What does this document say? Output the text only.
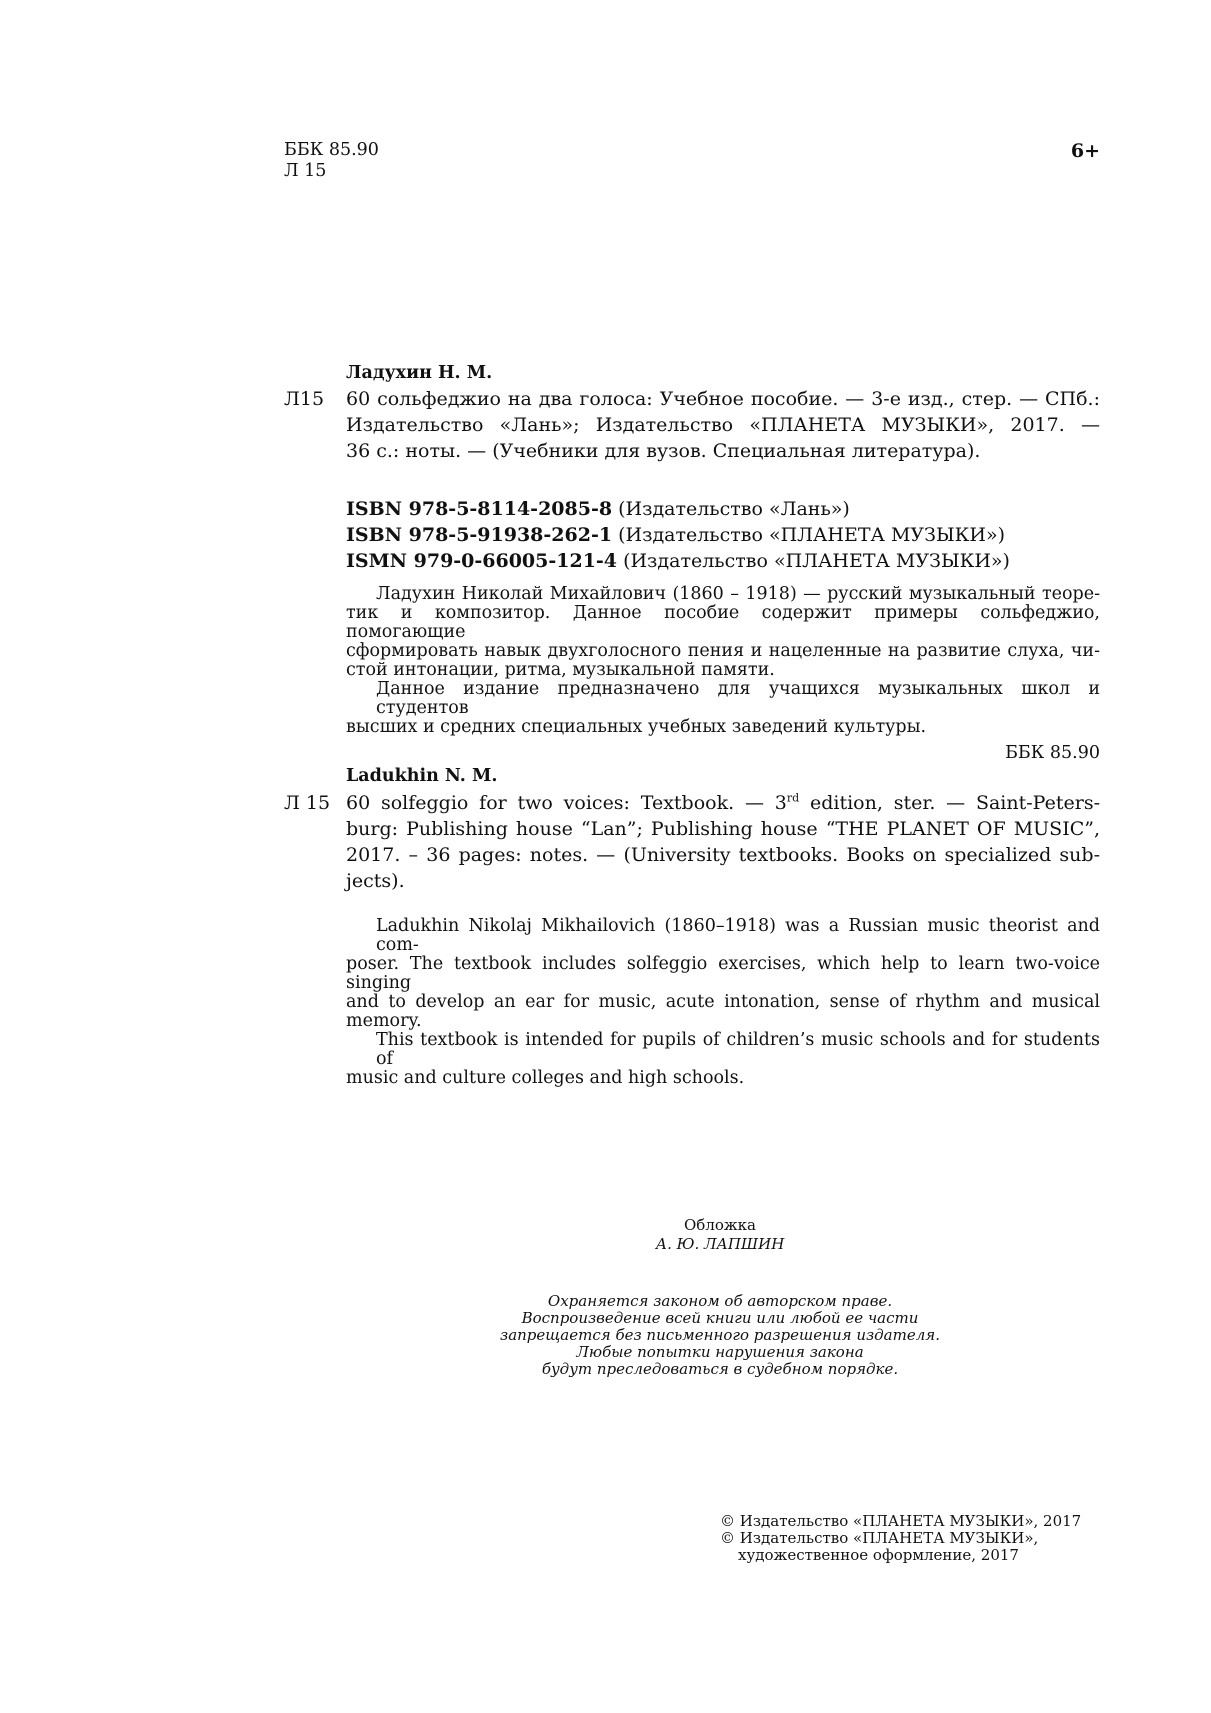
ББК 85.90
Л 15
6+
Ладухин Н. М.
Л15 60 сольфеджио на два голоса: Учебное пособие. — 3-е изд., стер. — СПб.:
Издательство «Лань»; Издательство «ПЛАНЕТА МУЗЫКИ», 2017. —
36 с.: ноты. — (Учебники для вузов. Специальная литература).
ISBN 978-5-8114-2085-8 (Издательство «Лань»)
ISBN 978-5-91938-262-1 (Издательство «ПЛАНЕТА МУЗЫКИ»)
ISMN 979-0-66005-121-4 (Издательство «ПЛАНЕТА МУЗЫКИ»)
Ладухин Николай Михайлович (1860 – 1918) — русский музыкальный теоре-
тик и композитор. Данное пособие содержит примеры сольфеджио, помогающие
сформировать навык двухголосного пения и нацеленные на развитие слуха, чи-
стой интонации, ритма, музыкальной памяти.
Данное издание предназначено для учащихся музыкальных школ и студентов
высших и средних специальных учебных заведений культуры.
ББК 85.90
Ladukhin N. M.
Л 15 60 solfeggio for two voices: Textbook. — 3rd edition, ster. — Saint-Peters-
burg: Publishing house “Lan”; Publishing house “THE PLANET OF MUSIC”,
2017. – 36 pages: notes. — (University textbooks. Books on specialized sub-
jects).
Ladukhin Nikolaj Mikhailovich (1860–1918) was a Russian music theorist and com-
poser. The textbook includes solfeggio exercises, which help to learn two-voice singing
and to develop an ear for music, acute intonation, sense of rhythm and musical memory.
This textbook is intended for pupils of children’s music schools and for students of
music and culture colleges and high schools.
Обложка
А. Ю. ЛАПШИН
Охраняется законом об авторском праве.
Воспроизведение всей книги или любой ее части
запрещается без письменного разрешения издателя.
Любые попытки нарушения закона
будут преследоваться в судебном порядке.
© Издательство «ПЛАНЕТА МУЗЫКИ», 2017
© Издательство «ПЛАНЕТА МУЗЫКИ»,
художественное оформление, 2017
